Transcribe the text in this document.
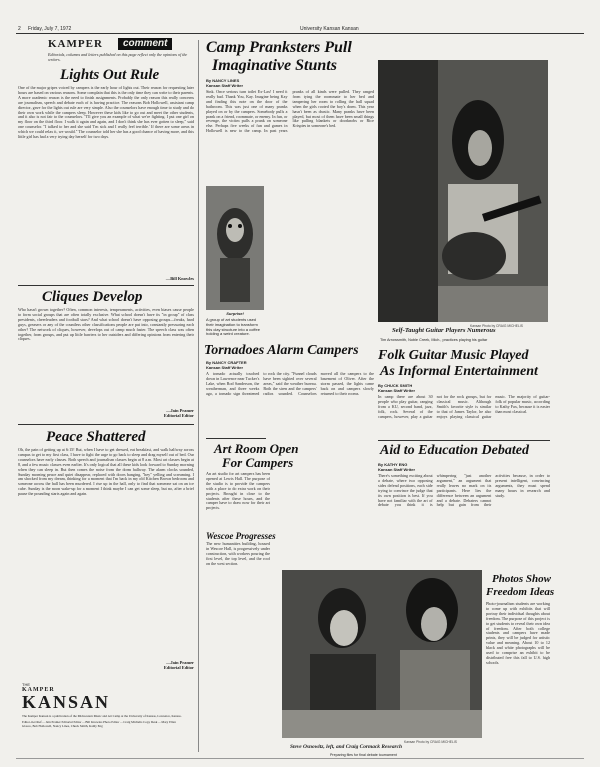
2 Friday, July 7, 1972	University Kansan Kansan
KAMPER	comment
Editorials, columns and letters published on this page reflect only the opinions of the writers.
Lights Out Rule
One of the major gripes voiced by campers is the early hour of lights out. Their reason for requesting later hours are based on various reasons. Some complain that this is the only time they can write to their parents. A more academic reason is the need to finish assignments. Probably the only reason this really concerns are journalism, speech and debate each of is having practice. The reasons Bob Hollowell, assistant camp director, gave for the lights out rule are very simple. Also the counselors have enough time to study and do their own work while the campers sleep. However these kids like to go out and meet the other students, and it also is not fair to the counselors. "I'll give you an example of what we're fighting. I put one girl on my floor on the third floor. I walk it again and again, and I don't think she has ever gotten to sleep," said one counselor. "I talked to her and she said 'I'm sick and I really feel terrible.' If there are some areas in which we could relax it, we would." The counselor told her she has a good chance of having more, and this little girl has had a very trying day herself for two days.
—Bill Knowles
Cliques Develop
Who hasn't grown together? Often, common interests, temperaments, activities, even biases cause people to form social groups that are often totally exclusive. What school doesn't have its "in group" of class presidents, cheerleaders and football stars? And what school doesn't have opposing groups—freaks, hard guys, greasers or any of the countless other classifications people are put into, constantly pressuring each other? The network of cliques, however, develops out of camp much faster. The speech class was often together, from groups, and put up little barriers to her outsiders and differing opinions from entering their cliques.
—Jain Pramer
Editorial Editor
Peace Shattered
Oh, the pain of getting up at 6:15! But, when I have to get dressed, eat breakfast, and walk halfway across campus to get to my first class, I have to fight the urge to go back to sleep and drag myself out of bed. Our counselors have early classes. Both speech and journalism classes begin at 8 a.m. Most art classes begin at 8, and a few music classes even earlier. It's only logical that all these kids look forward to Sunday morning when they can sleep in. But then comes the noise from the dorm hallway. The alarm clocks sounded, Sunday morning peace and quiet disappear, replaced with doors banging, "hey" yelling and screaming. I am shocked from my dream, thinking for a moment that I'm back in my old Kitchen Brown bedroom and someone across the hall has been murdered. I rise up in the hall, only to find that someone sat on an ice cube. Sunday is the noon wake-up for a moment I think maybe I can get some sleep, but no, after a brief pause the pounding starts again and again.
—Jain Pramer
Editorial Editor
THE
KAMPER
KANSAN
The Kamper Kansan is a publication of the Midwestern Music and Art Camp at the University of Kansas, Lawrence, Kansas.
Editor-in-Chief ... Jain Pramer Editorial Editor ... Bill Knowles Photo Editor ... Craig Michelis Copy Desk ... Mary Ellen Glasco, Bob Hollowell, Nancy Lines, Chuck Smith, Kathy Eng
Camp Pranksters Pull
Imaginative Stunts
By NANCY LINES
Kansan Staff Writer
Sink. Once serious turn toilet Ex-Lax! I need it really bad. Thank You, Kay. Imagine being Kay and finding this note on the door of the bathroom. This was just one of many pranks played on or by the campers. Somebody pulls a prank on a friend, roommate, or enemy. In fun, or revenge, the victim pulls a prank on someone else. Perhaps five weeks of fun and games in Hollowell is new to the camp. In past years pranks of all kinds were pulled. They ranged from tying the roommate to her bed and tampering her room to rolling the hall squad when the girls rooted the boy's dorm. This year hasn't been as drastic. Many pranks have been played, but most of them have been small things like pulling blankets or doorknobs or Rice Krispies in someone's bed.
Surprise!
A group of art students used their imagination to transform this clay structure into a coffee holding a weird creature.
Tornadoes Alarm Campers
By NANCY CRAFTER
Kansan Staff Writer
A tornado actually touched down in Lawrence near Tucker's Lake, when Rod Sanderson, the weatherman, and three weeks ago, a tornado sign threatened to rock the city. "Funnel clouds have been sighted over several areas," said the weather bureau. Both the siren and the campers' radios sounded. Counselors moved all the campers to the basement of Oliver. After the storm passed, the lights came back on and campers slowly returned to their rooms.
Art Room Open
For Campers
An art studio for art campers has been opened at Lewis Hall. The purpose of the studio is to provide the campers with a place to do extra work on their projects. Brought in close to the students after these hours, and the camper have to draw now for their art projects.
Wescoe Progresses
The new humanities building, housed in Wescoe Hall, is progressively under construction, with workers pouring the first level, the top level, and the roof on the west section.
Kansan Photo by CRAIG MICHELIS
Self-Taught Guitar Players Numerous
Tim Arrowsmith, Noble Creek, Mich., practices playing his guitar
Folk Guitar Music Played
As Informal Entertainment
By CHUCK SMITH
Kansan Staff Writer
In camp there are about 30 people who play guitar, ranging from a KU, second band, jazz, folk, rock. Several of the campers, however, play a guitar not for the rock groups, but for classical music. Although Smith's favorite style is similar to that of James Taylor, he also enjoys playing classical guitar music. The majority of guitar-folk of popular music, according to Kathy Fax, because it is easier than most classical.
Aid to Education Debated
By KATHY ENG
Kansan Staff Writer
There's something exciting about a debate, where two opposing sides defend positions, each side trying to convince the judge that its own position is best. If you have not familiar with the art of debate you think it is whimpering "just another argument," an argument that really leaves no mark on its participants. Here lies the difference between an argument and a debate. Debaters cannot help but gain from their activities because, in order to present intelligent, convincing arguments, they must spend many hours in research and study.
Kansan Photo by CRAIG MICHELIS
Steve Osnowitz, left, and Craig Cormack Research
Preparing files for final debate tournament
Photos Show
Freedom Ideas
Photo-journalism students are working to come up with exhibits that will portray their individual thoughts about freedom. The purpose of this project is to get students to reveal their own idea of freedom. After both college students and campers have made prints, they will be judged for artistic value and meaning. About 10 to 12 black and white photographs will be used to comprise an exhibit to be distributed free this fall to U.S. high schools.
